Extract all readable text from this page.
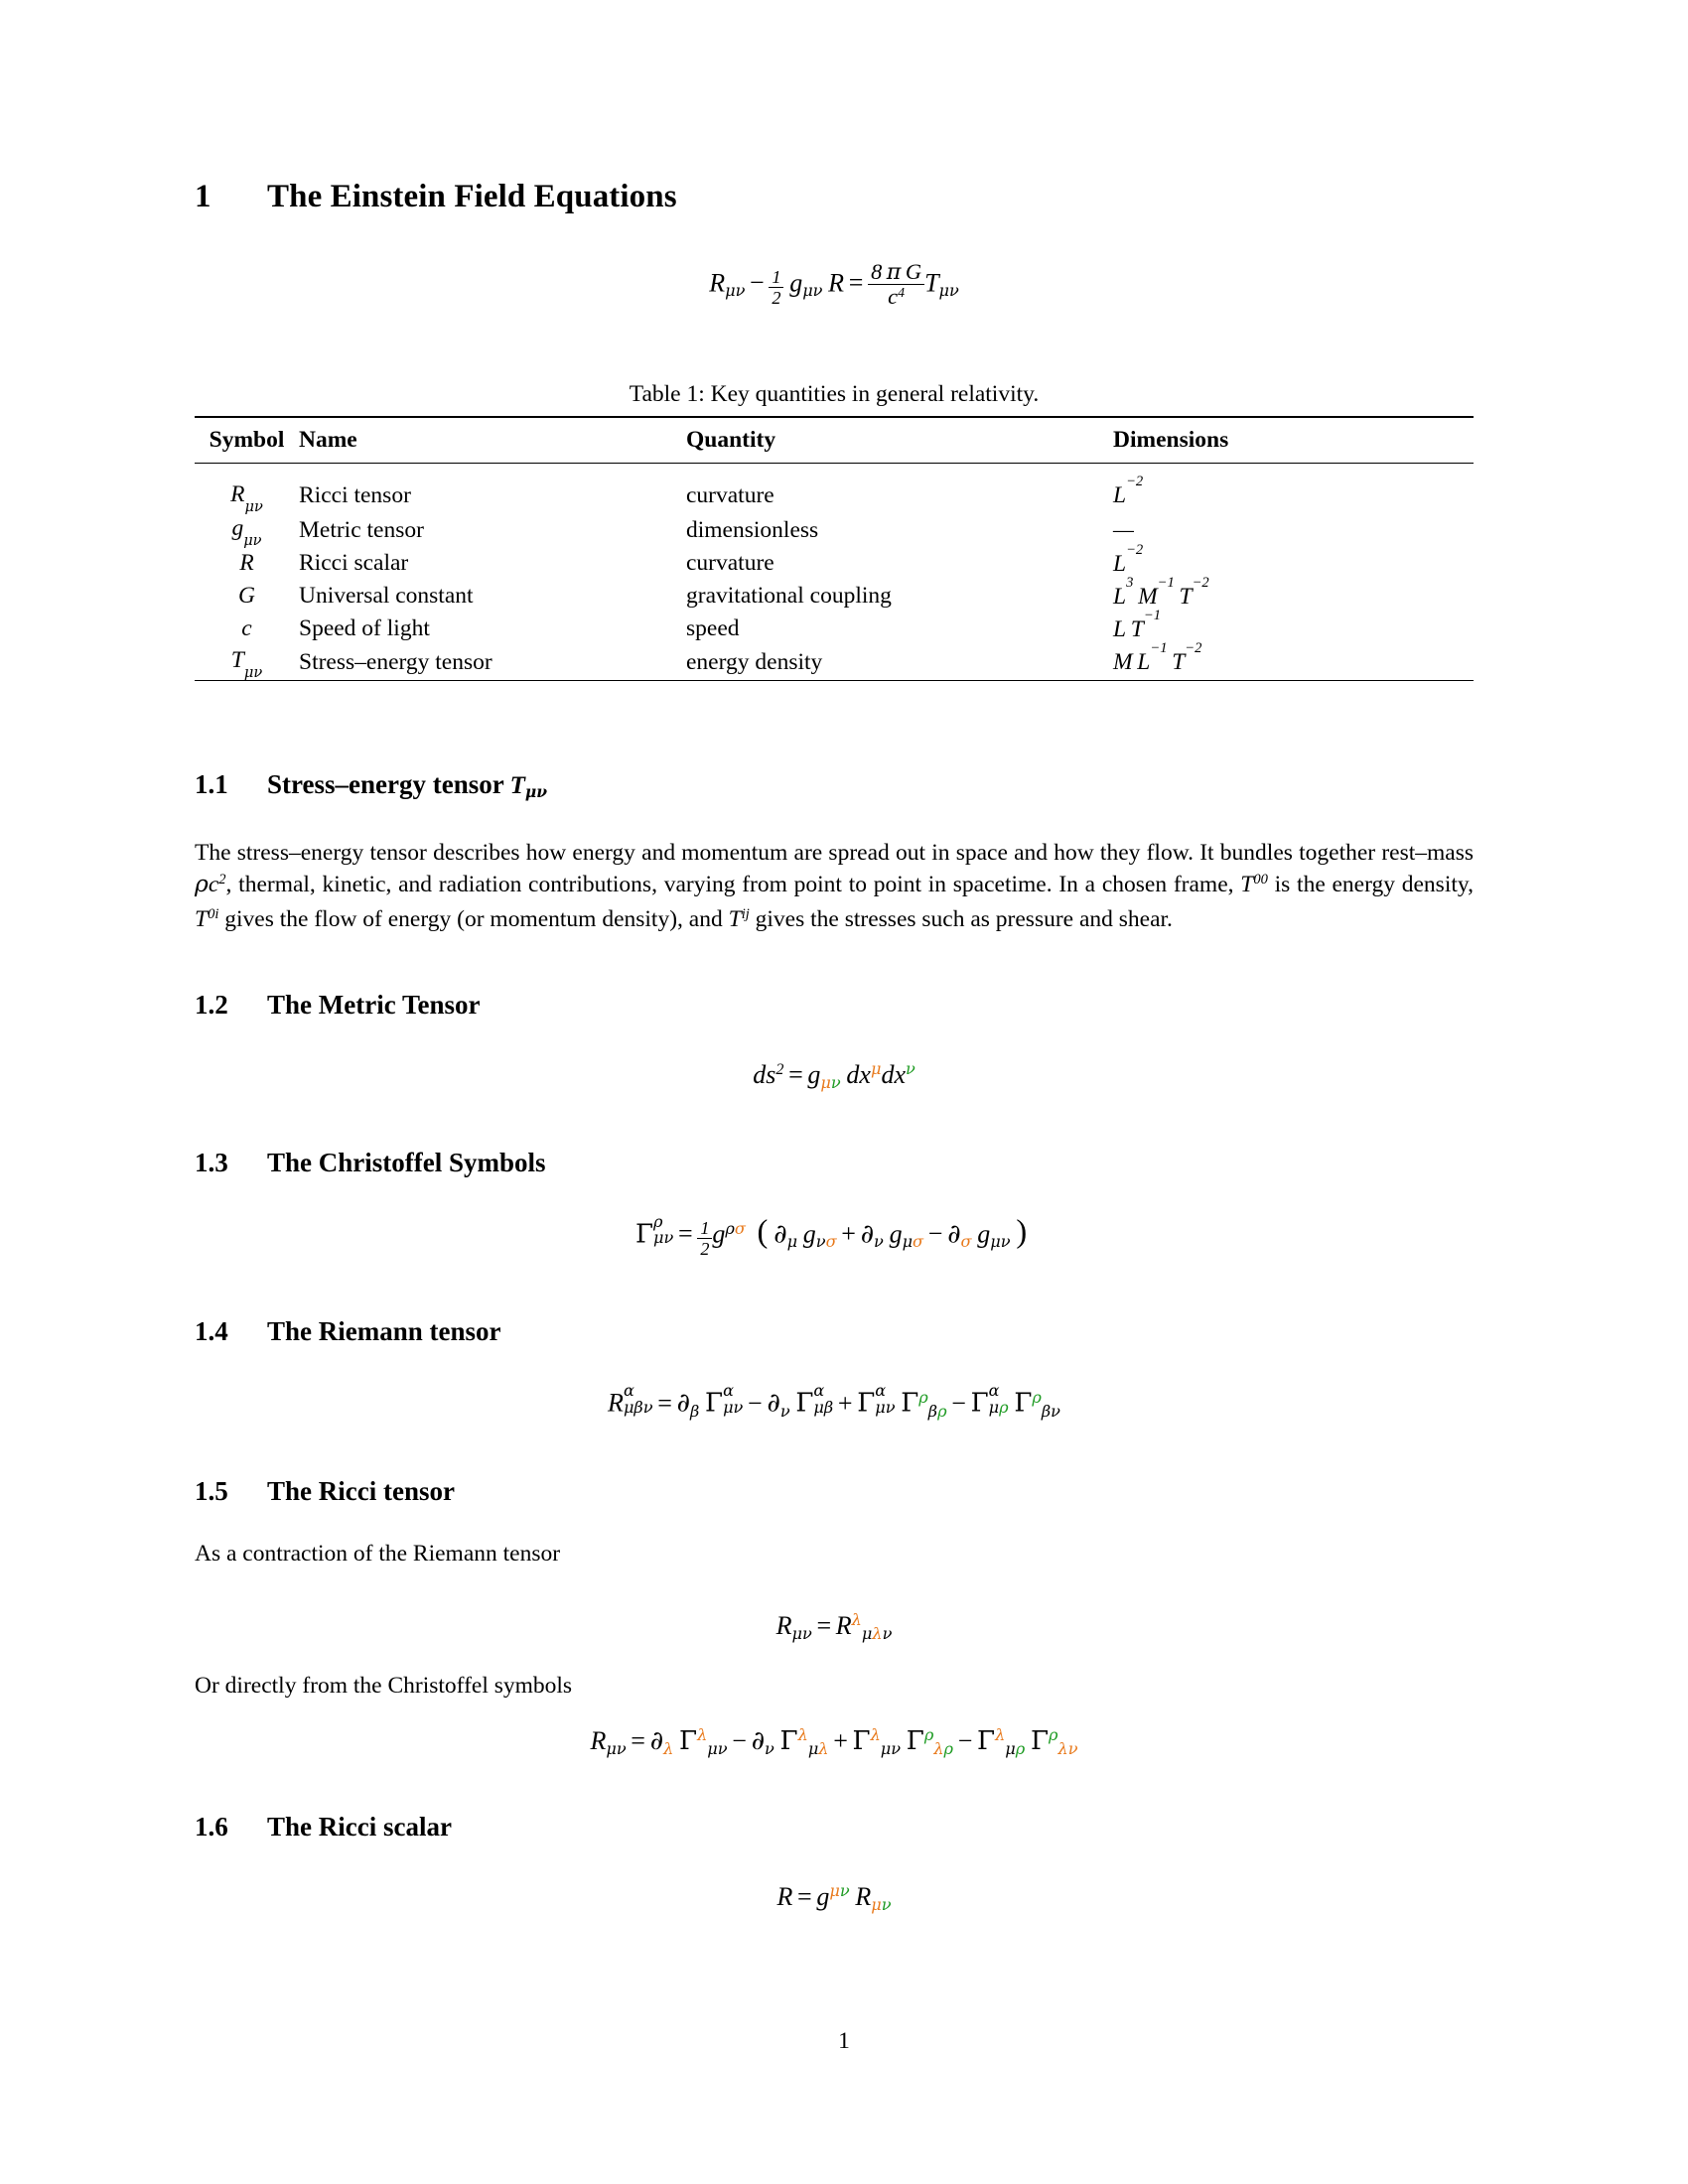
1	The Einstein Field Equations
$R\mu\nu - \frac{1}{2}$ gμν $R = \frac{\text{8 π G}}{c^4}$ Tμν
Table 1: Key quantities in general relativity.
Symbol	Name	Quantity	Dimensions

$R_{\mu\nu}$	Ricci tensor	curvature	$L^{-2}$
$g_{\mu\nu}$	Metric tensor	dimensionless	—
R	Ricci scalar	curvature	$L^{-2}$
G	Universal constant	gravitational coupling	$L^3$ $M^{-1}$ $T^{-2}$
c	Speed of light	speed	L  $T^{-1}$
$T_{\mu\nu}$	Stress–energy tensor	energy density	M  $L^{-1}$ $T^{-2}$

1.1	Stress–energy tensor Tμν

The stress–energy tensor describes how energy and momentum are spread out in space and how they flow. It bundles together rest–mass $\rho c^2$, thermal, kinetic, and radiation contributions, varying from point to point in spacetime. In a chosen frame, $T^{00}$ is the energy density, $T^{0i}$ gives the flow of energy (or momentum density), and $T^{ij}$ gives the stresses such as pressure and shear.

1.2	The Metric Tensor
$ds^2 = g\mu\nu$ $dx^\mu dx^\nu$
1.3	The Christoffel Symbols
Γ ρ
$\mu\nu = \frac{1}{2} g^{\rho\sigma}$ ( ∂μ gνσ + ∂ν gμσ − ∂σ gμν )
1.4	The Riemann tensor
R α
μβν = ∂β Γ α
μν − ∂ν Γ α
μβ + Γ α
μν $\Gamma^\rho\beta\rho - \Gamma$ α
μρ $\Gamma^\rho\beta\nu$
1.5	The Ricci tensor

As a contraction of the Riemann tensor

$R\mu\nu = R^\lambda\mu\lambda\nu$

Or directly from the Christoffel symbols

Rμν = ∂λ $\Gamma^\lambda\mu\nu - \partial\nu$ $\Gamma^\lambda\mu\lambda + \Gamma^\lambda\mu\nu$ $\Gamma^\rho\lambda\rho - \Gamma^\lambda\mu\rho$ $\Gamma^\rho\lambda\nu$
1.6	The Ricci scalar
$R = g^{\mu\nu}$ Rμν
1
